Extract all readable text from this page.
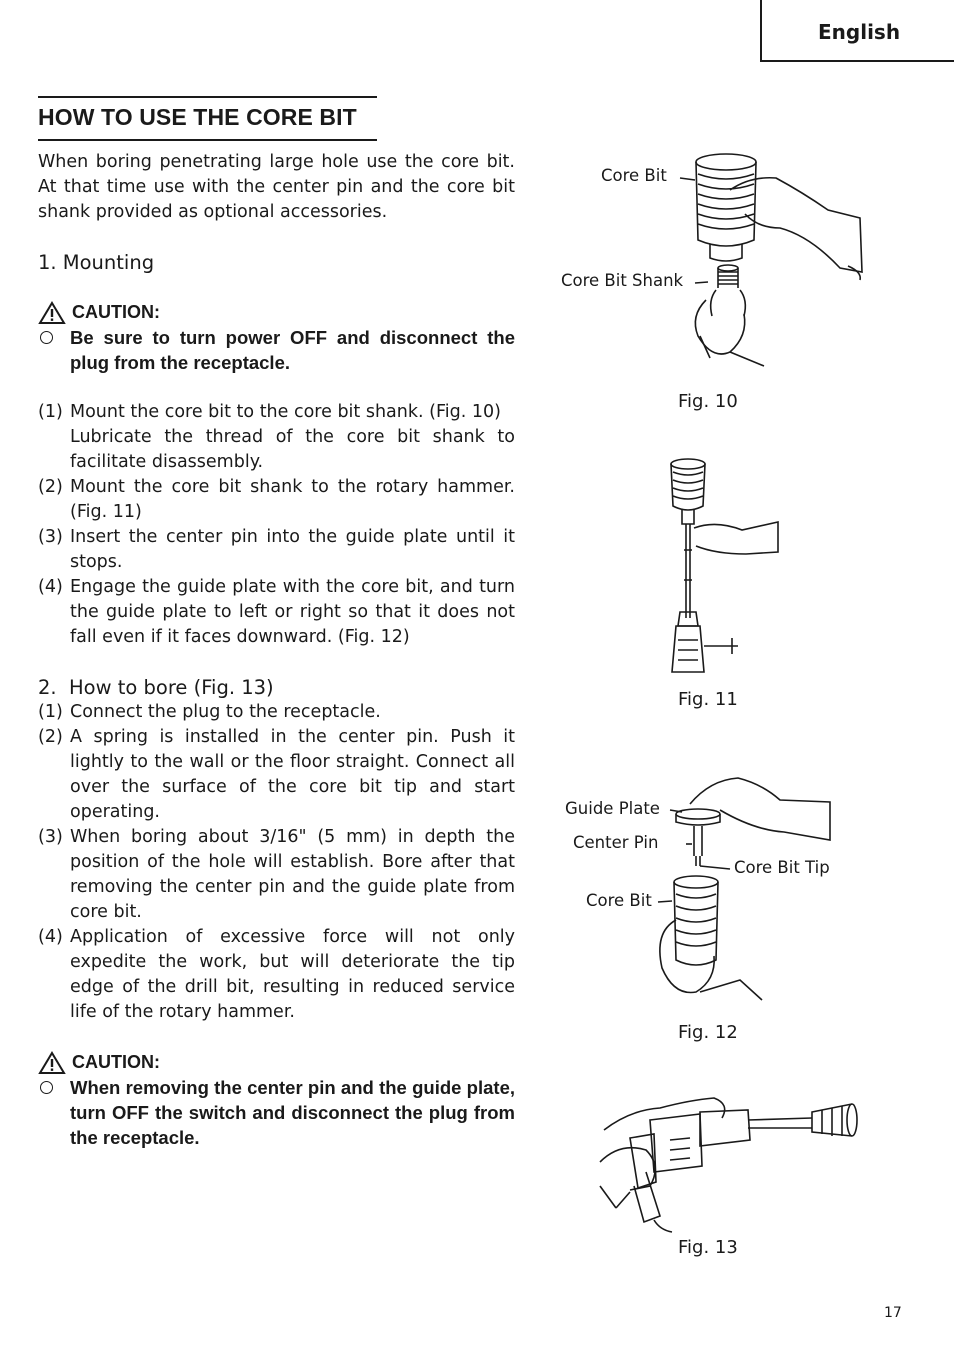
English
HOW TO USE THE CORE BIT

When boring penetrating large hole use the core bit. At that time use with the center pin and the core bit shank provided as optional accessories.

1. Mounting

CAUTION:
Be sure to turn power OFF and disconnect the plug from the receptacle.
(1) Mount the core bit to the core bit shank. (Fig. 10)
Lubricate the thread of the core bit shank to facilitate disassembly.
(2) Mount the core bit shank to the rotary hammer. (Fig. 11)
(3) Insert the center pin into the guide plate until it stops.
(4) Engage the guide plate with the core bit, and turn the guide plate to left or right so that it does not fall even if it faces downward. (Fig. 12)

2. How to bore (Fig. 13)

(1) Connect the plug to the receptacle.
(2) A spring is installed in the center pin. Push it lightly to the wall or the floor straight. Connect all over the surface of the core bit tip and start operating.
(3) When boring about 3/16" (5 mm) in depth the position of the hole will establish. Bore after that removing the center pin and the guide plate from core bit.
(4) Application of excessive force will not only expedite the work, but will deteriorate the tip edge of the drill bit, resulting in reduced service life of the rotary hammer.
CAUTION:
When removing the center pin and the guide plate, turn OFF the switch and disconnect the plug from the receptacle.
Core Bit
Core Bit Shank
Fig. 10
Fig. 11
Guide Plate
Center Pin
Core Bit Tip
Core Bit
Fig. 12
Fig. 13
17
